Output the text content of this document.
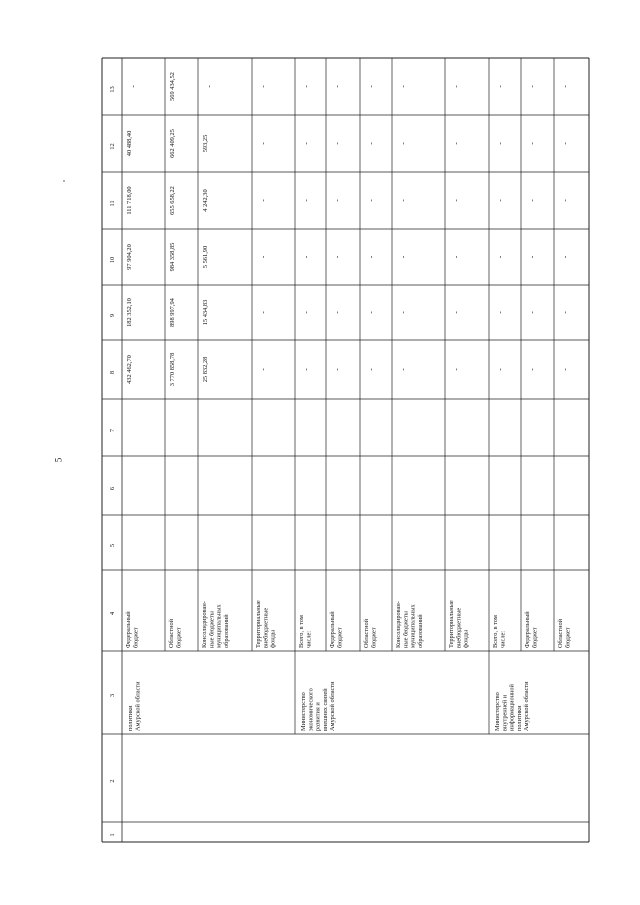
5
1
2
3
4
5
6
7
8
9
10
11
12
13
политики Амурской области	Министерство экономического развития и внешних связей Амурской области	Министерство внутренней и информационной политики Амурской области
Федеральный бюджет
432 462,70
182 352,10
97 904,20
111 718,00
40 488,40
-
Областной бюджет
3 770 858,78
898 997,94
984 358,85
655 658,22
662 409,25
569 434,52
Консолидирован- ные бюджеты муниципальных образований
25 832,28
15 434,83
5 561,90
4 242,30
593,25
-
Территориальные внебюджетные фонды
-
-
-
-
-
-
Всего, в том числе:
-
-
-
-
-
-
Федеральный бюджет
-
-
-
-
-
-
Областной бюджет
-
-
-
-
-
-
Консолидирован- ные бюджеты муниципальных образований
-
-
-
-
-
-
Территориальные внебюджетные фонды
-
-
-
-
-
-
Всего, в том числе:
-
-
-
-
-
-
Федеральный бюджет
-
-
-
-
-
-
Областной бюджет
-
-
-
-
-
-
